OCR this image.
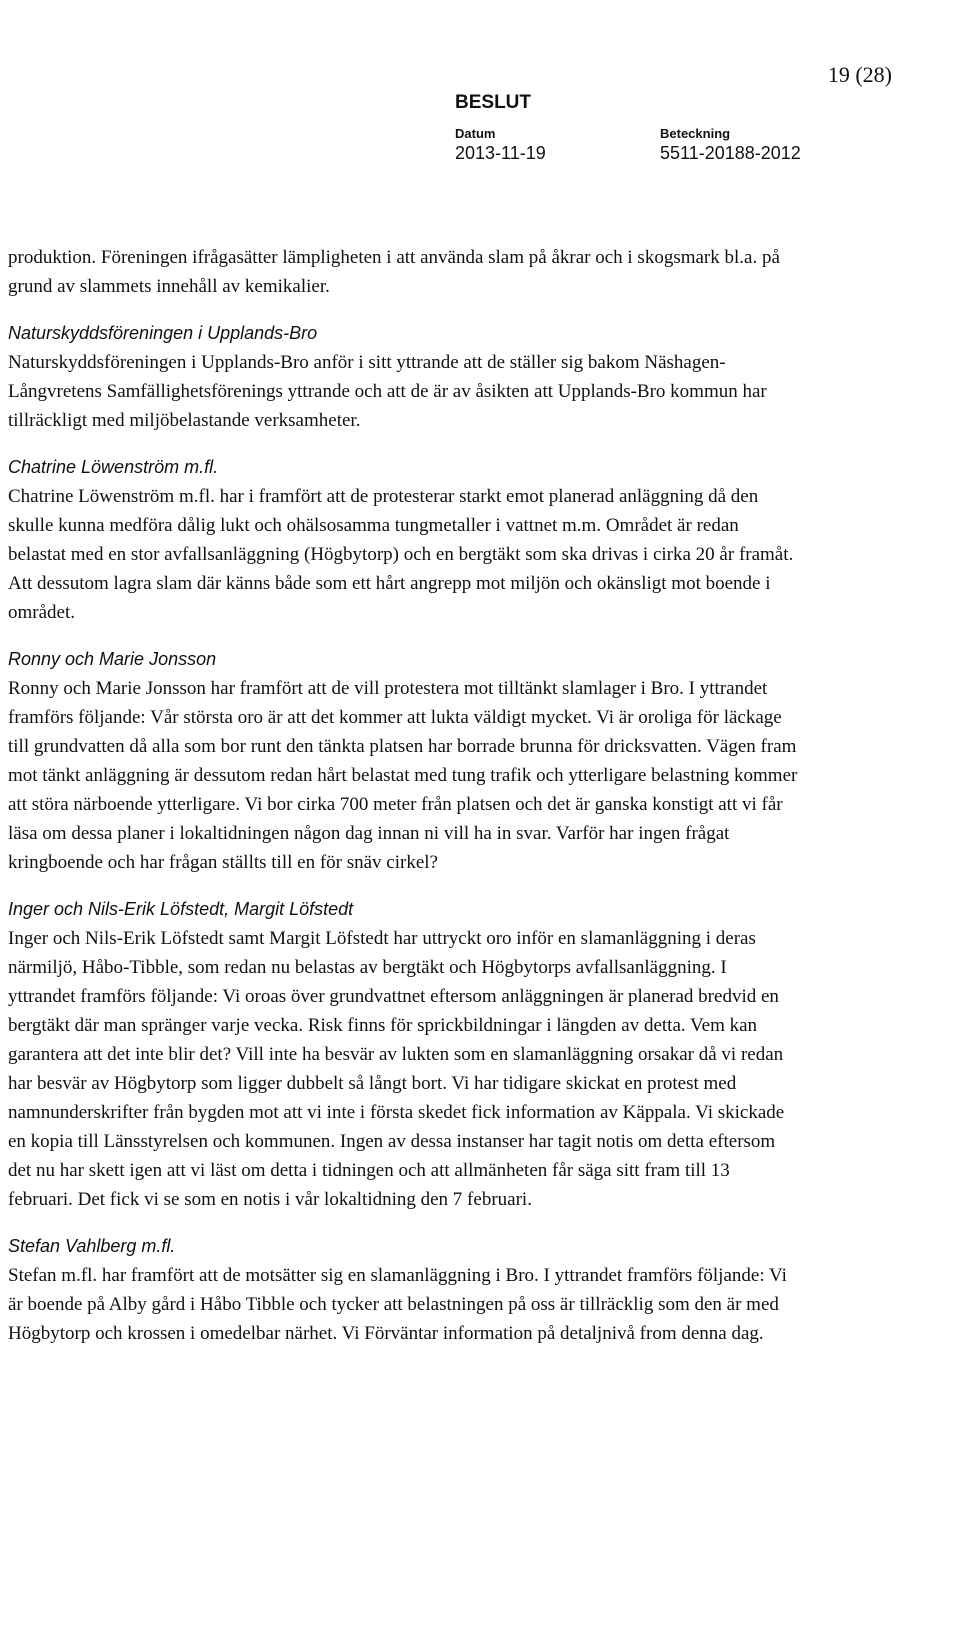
19 (28)
BESLUT
Datum
2013-11-19
Beteckning
5511-20188-2012

produktion. Föreningen ifrågasätter lämpligheten i att använda slam på åkrar och i skogsmark bl.a. på grund av slammets innehåll av kemikalier.

Naturskyddsföreningen i Upplands-Bro

Naturskyddsföreningen i Upplands-Bro anför i sitt yttrande att de ställer sig bakom Näshagen-Långvretens Samfällighetsförenings yttrande och att de är av åsikten att Upplands-Bro kommun har tillräckligt med miljöbelastande verksamheter.

Chatrine Löwenström m.fl.

Chatrine Löwenström m.fl. har i framfört att de protesterar starkt emot planerad anläggning då den skulle kunna medföra dålig lukt och ohälsosamma tungmetaller i vattnet m.m. Området är redan belastat med en stor avfallsanläggning (Högbytorp) och en bergtäkt som ska drivas i cirka 20 år framåt. Att dessutom lagra slam där känns både som ett hårt angrepp mot miljön och okänsligt mot boende i området.

Ronny och Marie Jonsson

Ronny och Marie Jonsson har framfört att de vill protestera mot tilltänkt slamlager i Bro. I yttrandet framförs följande: Vår största oro är att det kommer att lukta väldigt mycket. Vi är oroliga för läckage till grundvatten då alla som bor runt den tänkta platsen har borrade brunna för dricksvatten. Vägen fram mot tänkt anläggning är dessutom redan hårt belastat med tung trafik och ytterligare belastning kommer att störa närboende ytterligare. Vi bor cirka 700 meter från platsen och det är ganska konstigt att vi får läsa om dessa planer i lokaltidningen någon dag innan ni vill ha in svar. Varför har ingen frågat kringboende och har frågan ställts till en för snäv cirkel?

Inger och Nils-Erik Löfstedt, Margit Löfstedt

Inger och Nils-Erik Löfstedt samt Margit Löfstedt har uttryckt oro inför en slamanläggning i deras närmiljö, Håbo-Tibble, som redan nu belastas av bergtäkt och Högbytorps avfallsanläggning. I yttrandet framförs följande: Vi oroas över grundvattnet eftersom anläggningen är planerad bredvid en bergtäkt där man spränger varje vecka. Risk finns för sprickbildningar i längden av detta. Vem kan garantera att det inte blir det? Vill inte ha besvär av lukten som en slamanläggning orsakar då vi redan har besvär av Högbytorp som ligger dubbelt så långt bort. Vi har tidigare skickat en protest med namnunderskrifter från bygden mot att vi inte i första skedet fick information av Käppala. Vi skickade en kopia till Länsstyrelsen och kommunen. Ingen av dessa instanser har tagit notis om detta eftersom det nu har skett igen att vi läst om detta i tidningen och att allmänheten får säga sitt fram till 13 februari. Det fick vi se som en notis i vår lokaltidning den 7 februari.

Stefan Vahlberg m.fl.

Stefan m.fl. har framfört att de motsätter sig en slamanläggning i Bro. I yttrandet framförs följande: Vi är boende på Alby gård i Håbo Tibble och tycker att belastningen på oss är tillräcklig som den är med Högbytorp och krossen i omedelbar närhet. Vi Förväntar information på detaljnivå from denna dag.
